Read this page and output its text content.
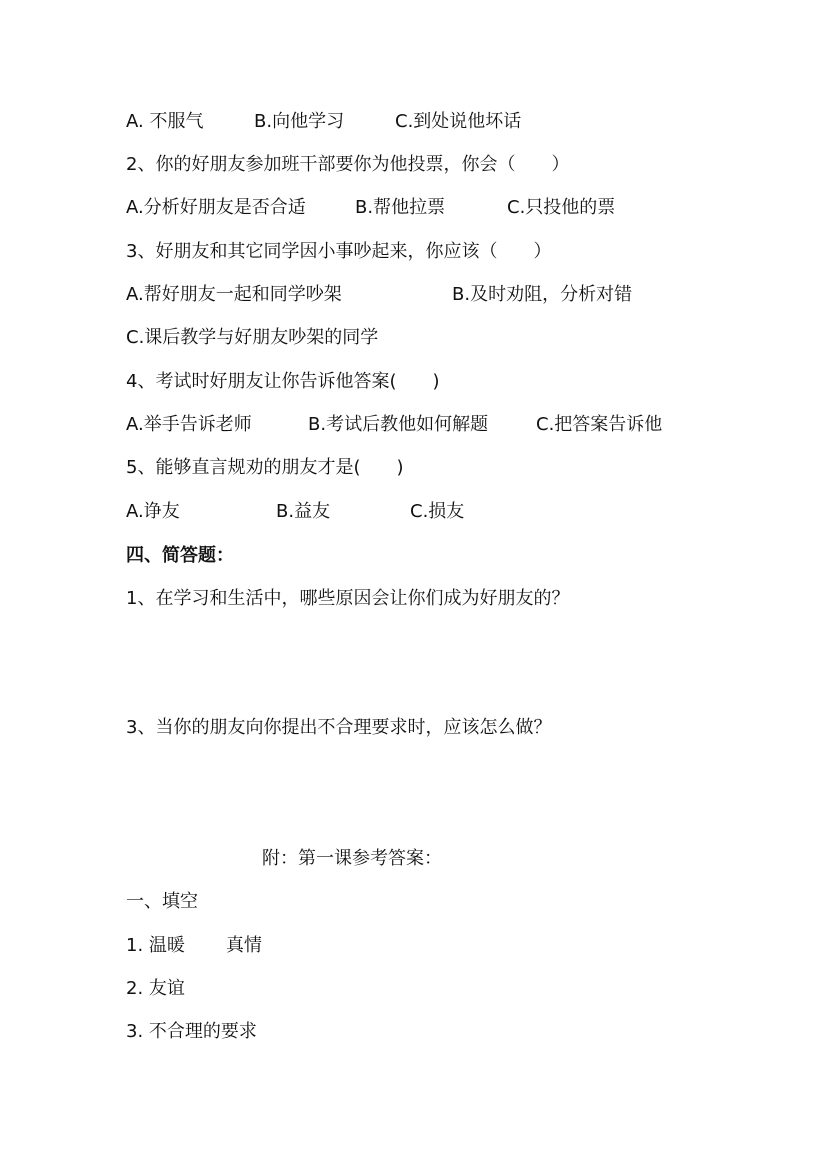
A. 不服气	B.向他学习	C.到处说他坏话
2、你的好朋友参加班干部要你为他投票，你会（　　）
A.分析好朋友是否合适	B.帮他拉票	C.只投他的票
3、好朋友和其它同学因小事吵起来，你应该（　　）
A.帮好朋友一起和同学吵架	B.及时劝阻，分析对错
C.课后教学与好朋友吵架的同学
4、考试时好朋友让你告诉他答案(　　)
A.举手告诉老师	B.考试后教他如何解题	C.把答案告诉他
5、能够直言规劝的朋友才是(　　)
A.诤友	B.益友	C.损友
四、简答题：
1、在学习和生活中，哪些原因会让你们成为好朋友的？
3、当你的朋友向你提出不合理要求时，应该怎么做？
附：第一课参考答案：
一、填空
1. 温暖 真情
2. 友谊
3. 不合理的要求
